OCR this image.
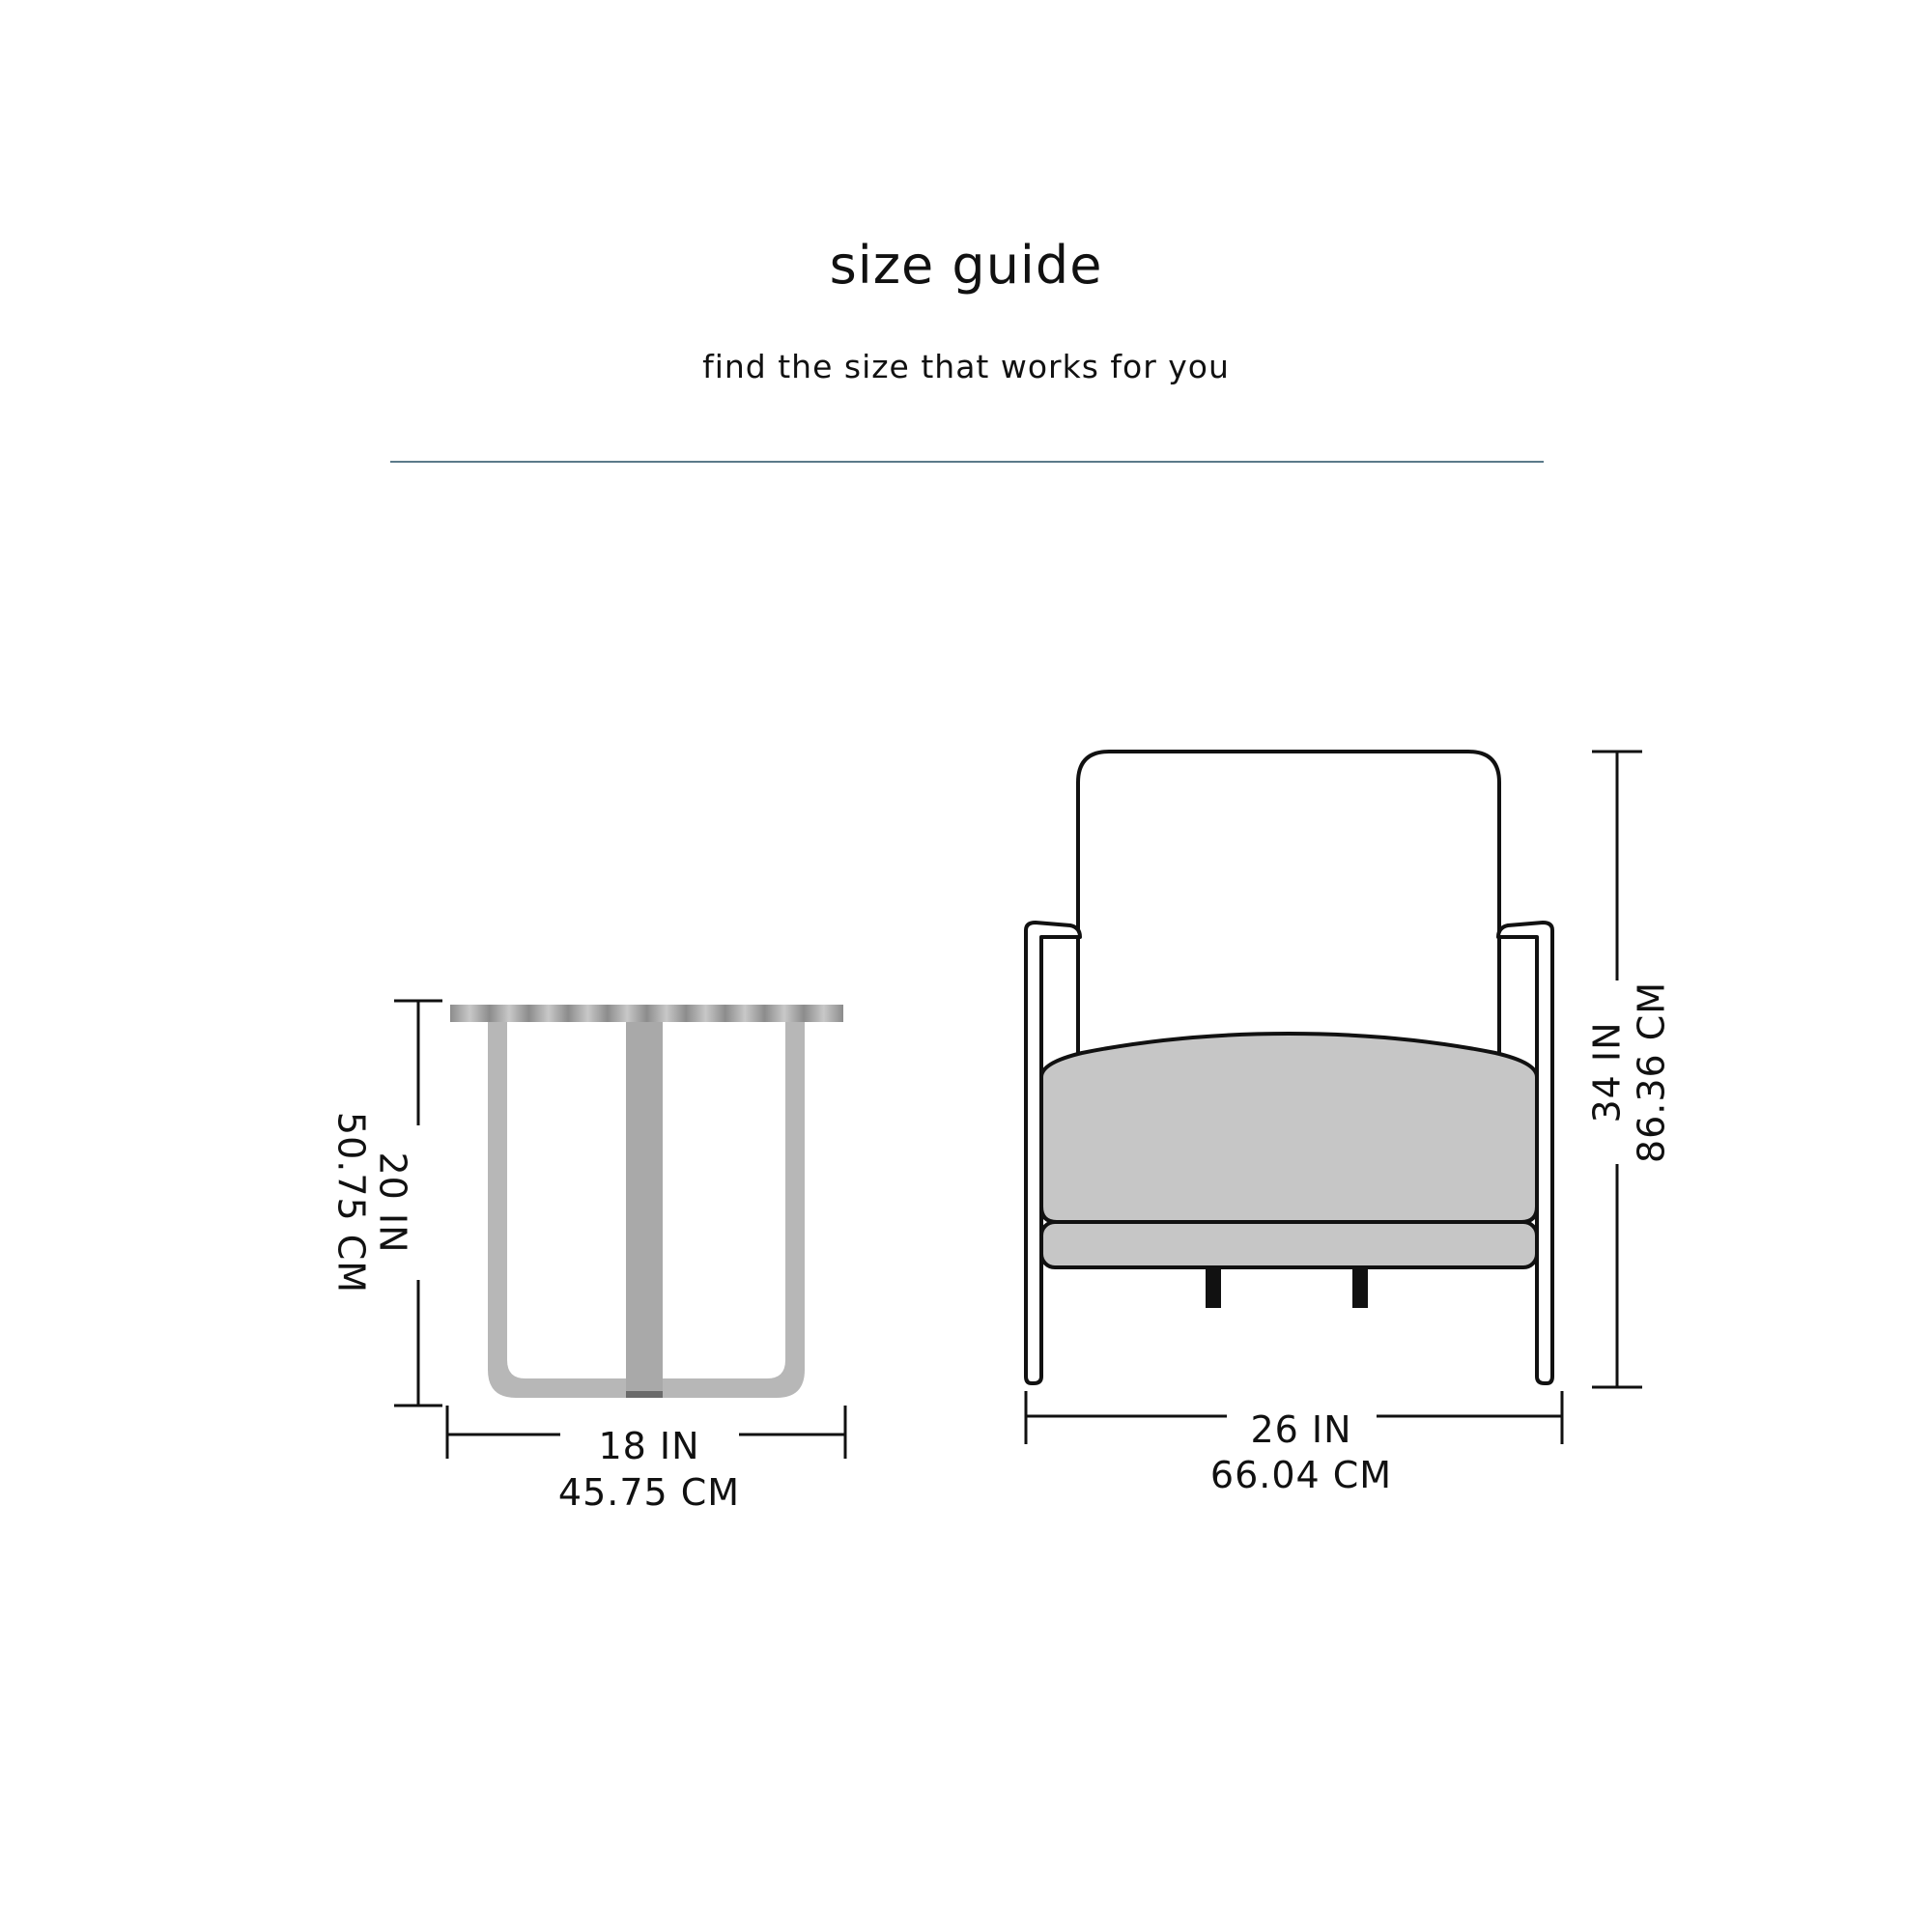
size guide
find the size that works for you
20 IN
50.75 CM
18 IN
45.75 CM
34 IN 86.36 CM
26 IN
66.04 CM
